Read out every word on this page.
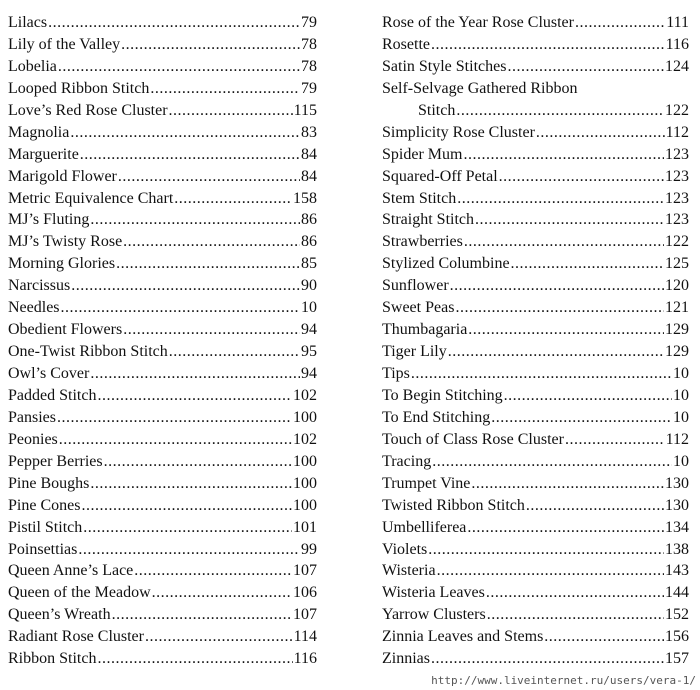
Lilacs .....	79
Lily of the Valley .....	78
Lobelia .....	78
Looped Ribbon Stitch .....	79
Love’s Red Rose Cluster .....	115
Magnolia .....	83
Marguerite .....	84
Marigold Flower .....	84
Metric Equivalence Chart .....	158
MJ’s Fluting .....	86
MJ’s Twisty Rose .....	86
Morning Glories .....	85
Narcissus .....	90
Needles .....	10
Obedient Flowers .....	94
One-Twist Ribbon Stitch .....	95
Owl’s Cover .....	94
Padded Stitch .....	102
Pansies .....	100
Peonies .....	102
Pepper Berries .....	100
Pine Boughs .....	100
Pine Cones .....	100
Pistil Stitch .....	101
Poinsettias .....	99
Queen Anne’s Lace .....	107
Queen of the Meadow .....	106
Queen’s Wreath .....	107
Radiant Rose Cluster .....	114
Ribbon Stitch .....	116
Rose of the Year Rose Cluster .....	111
Rosette .....	116
Satin Style Stitches .....	124
Self-Selvage Gathered Ribbon
Stitch .....	122
Simplicity Rose Cluster .....	112
Spider Mum .....	123
Squared-Off Petal .....	123
Stem Stitch .....	123
Straight Stitch .....	123
Strawberries .....	122
Stylized Columbine .....	125
Sunflower .....	120
Sweet Peas .....	121
Thumbagaria .....	129
Tiger Lily .....	129
Tips .....	10
To Begin Stitching .....	10
To End Stitching .....	10
Touch of Class Rose Cluster .....	112
Tracing .....	10
Trumpet Vine .....	130
Twisted Ribbon Stitch .....	130
Umbelliferea .....	134
Violets .....	138
Wisteria .....	143
Wisteria Leaves .....	144
Yarrow Clusters .....	152
Zinnia Leaves and Stems .....	156
Zinnias .....	157
http://www.liveinternet.ru/users/vera-1/
